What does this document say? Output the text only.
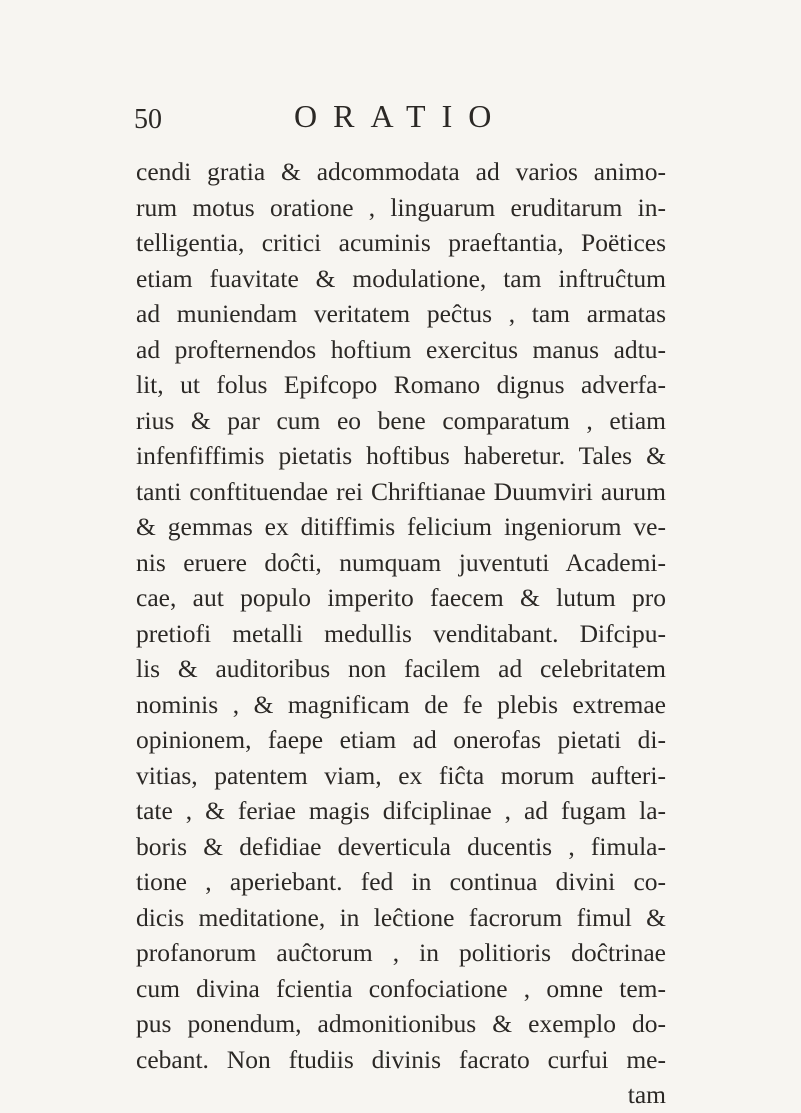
50	ORATIO
cendi gratia & adcommodata ad varios animo-
rum motus oratione , linguarum eruditarum in-
telligentia, critici acuminis praeftantia, Poëtices
etiam fuavitate & modulatione, tam inftruĉtum
ad muniendam veritatem peĉtus , tam armatas
ad profternendos hoftium exercitus manus adtu-
lit, ut folus Epifcopo Romano dignus adverfa-
rius & par cum eo bene comparatum , etiam
infenfiffimis pietatis hoftibus haberetur. Tales &
tanti conftituendae rei Chriftianae Duumviri aurum
& gemmas ex ditiffimis felicium ingeniorum ve-
nis eruere doĉti, numquam juventuti Academi-
cae, aut populo imperito faecem & lutum pro
pretiofi metalli medullis venditabant. Difcipu-
lis & auditoribus non facilem ad celebritatem
nominis , & magnificam de fe plebis extremae
opinionem, faepe etiam ad onerofas pietati di-
vitias, patentem viam, ex fiĉta morum aufteri-
tate , & feriae magis difciplinae , ad fugam la-
boris & defidiae deverticula ducentis , fimula-
tione , aperiebant. fed in continua divini co-
dicis meditatione, in leĉtione facrorum fimul &
profanorum auĉtorum , in politioris doĉtrinae
cum divina fcientia confociatione , omne tem-
pus ponendum, admonitionibus & exemplo do-
cebant. Non ftudiis divinis facrato curfui me-
tam
